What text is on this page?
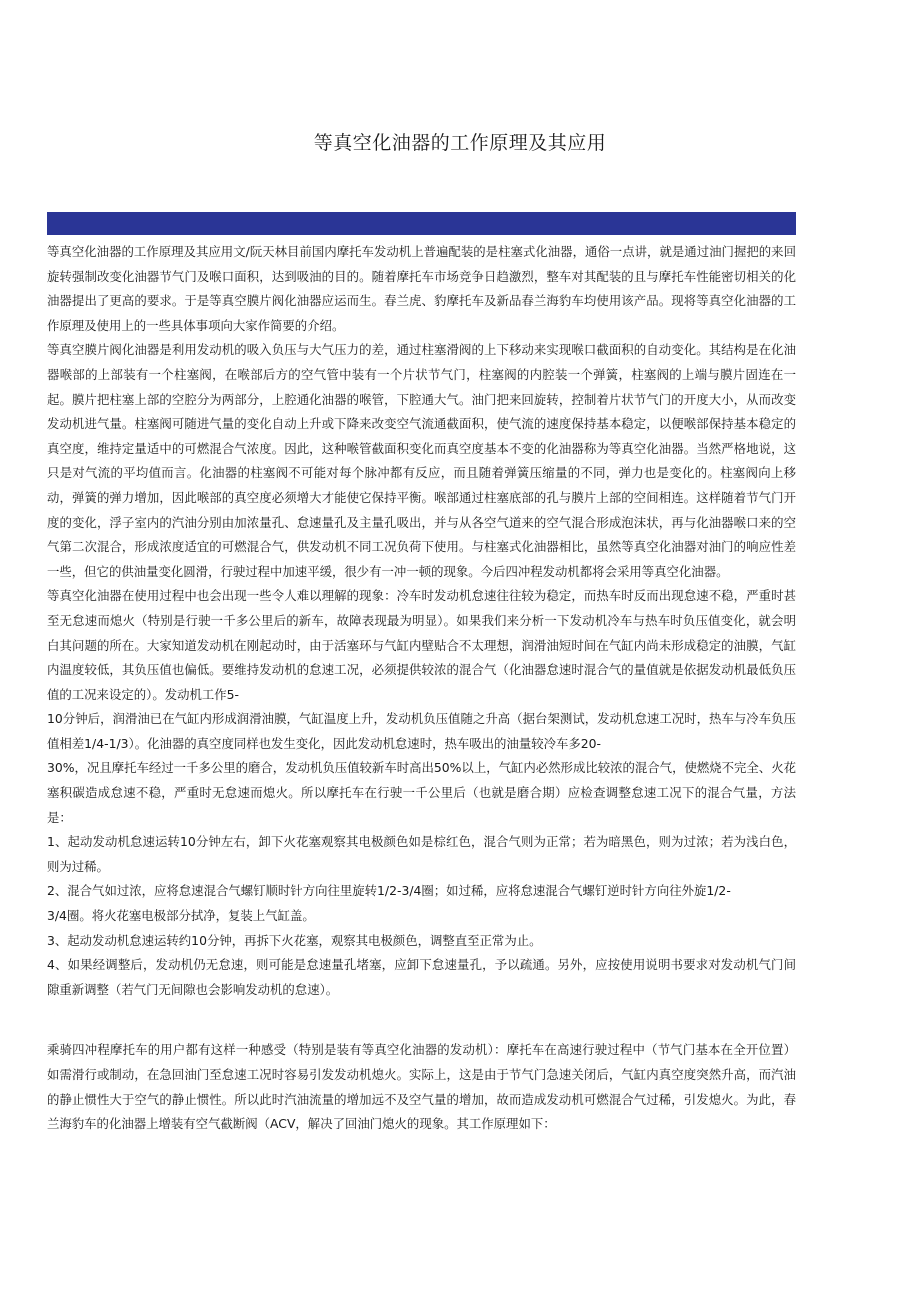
等真空化油器的工作原理及其应用

等真空化油器的工作原理及其应用文/阮天林目前国内摩托车发动机上普遍配装的是柱塞式化油器，通俗一点讲，就是通过油门握把的来回旋转强制改变化油器节气门及喉口面积，达到吸油的目的。随着摩托车市场竞争日趋激烈，整车对其配装的且与摩托车性能密切相关的化油器提出了更高的要求。于是等真空膜片阀化油器应运而生。春兰虎、豹摩托车及新品春兰海豹车均使用该产品。现将等真空化油器的工作原理及使用上的一些具体事项向大家作简要的介绍。

等真空膜片阀化油器是利用发动机的吸入负压与大气压力的差，通过柱塞滑阀的上下移动来实现喉口截面积的自动变化。其结构是在化油器喉部的上部装有一个柱塞阀，在喉部后方的空气管中装有一个片状节气门，柱塞阀的内腔装一个弹簧，柱塞阀的上端与膜片固连在一起。膜片把柱塞上部的空腔分为两部分，上腔通化油器的喉管，下腔通大气。油门把来回旋转，控制着片状节气门的开度大小，从而改变发动机进气量。柱塞阀可随进气量的变化自动上升或下降来改变空气流通截面积，使气流的速度保持基本稳定，以便喉部保持基本稳定的真空度，维持定量适中的可燃混合气浓度。因此，这种喉管截面积变化而真空度基本不变的化油器称为等真空化油器。当然严格地说，这只是对气流的平均值而言。化油器的柱塞阀不可能对每个脉冲都有反应，而且随着弹簧压缩量的不同，弹力也是变化的。柱塞阀向上移动，弹簧的弹力增加，因此喉部的真空度必须增大才能使它保持平衡。喉部通过柱塞底部的孔与膜片上部的空间相连。这样随着节气门开度的变化，浮子室内的汽油分别由加浓量孔、怠速量孔及主量孔吸出，并与从各空气道来的空气混合形成泡沫状，再与化油器喉口来的空气第二次混合，形成浓度适宜的可燃混合气，供发动机不同工况负荷下使用。与柱塞式化油器相比，虽然等真空化油器对油门的响应性差一些，但它的供油量变化圆滑，行驶过程中加速平缓，很少有一冲一顿的现象。今后四冲程发动机都将会采用等真空化油器。

等真空化油器在使用过程中也会出现一些令人难以理解的现象：冷车时发动机怠速往往较为稳定，而热车时反而出现怠速不稳，严重时甚至无怠速而熄火（特别是行驶一千多公里后的新车，故障表现最为明显）。如果我们来分析一下发动机冷车与热车时负压值变化，就会明白其问题的所在。大家知道发动机在刚起动时，由于活塞环与气缸内壁贴合不太理想，润滑油短时间在气缸内尚未形成稳定的油膜，气缸内温度较低，其负压值也偏低。要维持发动机的怠速工况，必须提供较浓的混合气（化油器怠速时混合气的量值就是依据发动机最低负压值的工况来设定的）。发动机工作5-

10分钟后，润滑油已在气缸内形成润滑油膜，气缸温度上升，发动机负压值随之升高（据台架测试，发动机怠速工况时，热车与冷车负压值相差1/4-1/3）。化油器的真空度同样也发生变化，因此发动机怠速时，热车吸出的油量较冷车多20-

30%，况且摩托车经过一千多公里的磨合，发动机负压值较新车时高出50%以上，气缸内必然形成比较浓的混合气，使燃烧不完全、火花塞积碳造成怠速不稳，严重时无怠速而熄火。所以摩托车在行驶一千公里后（也就是磨合期）应检查调整怠速工况下的混合气量，方法是：

1、起动发动机怠速运转10分钟左右，卸下火花塞观察其电极颜色如是棕红色，混合气则为正常；若为暗黑色，则为过浓；若为浅白色，则为过稀。

2、混合气如过浓，应将怠速混合气螺钉顺时针方向往里旋转1/2-3/4圈；如过稀，应将怠速混合气螺钉逆时针方向往外旋1/2-

3/4圈。将火花塞电极部分拭净，复装上气缸盖。

3、起动发动机怠速运转约10分钟，再拆下火花塞，观察其电极颜色，调整直至正常为止。

4、如果经调整后，发动机仍无怠速，则可能是怠速量孔堵塞，应卸下怠速量孔，予以疏通。另外，应按使用说明书要求对发动机气门间隙重新调整（若气门无间隙也会影响发动机的怠速）。

乘骑四冲程摩托车的用户都有这样一种感受（特别是装有等真空化油器的发动机）：摩托车在高速行驶过程中（节气门基本在全开位置）如需滑行或制动，在急回油门至怠速工况时容易引发发动机熄火。实际上，这是由于节气门急速关闭后，气缸内真空度突然升高，而汽油的静止惯性大于空气的静止惯性。所以此时汽油流量的增加远不及空气量的增加，故而造成发动机可燃混合气过稀，引发熄火。为此，春兰海豹车的化油器上增装有空气截断阀（ACV，解决了回油门熄火的现象。其工作原理如下：
